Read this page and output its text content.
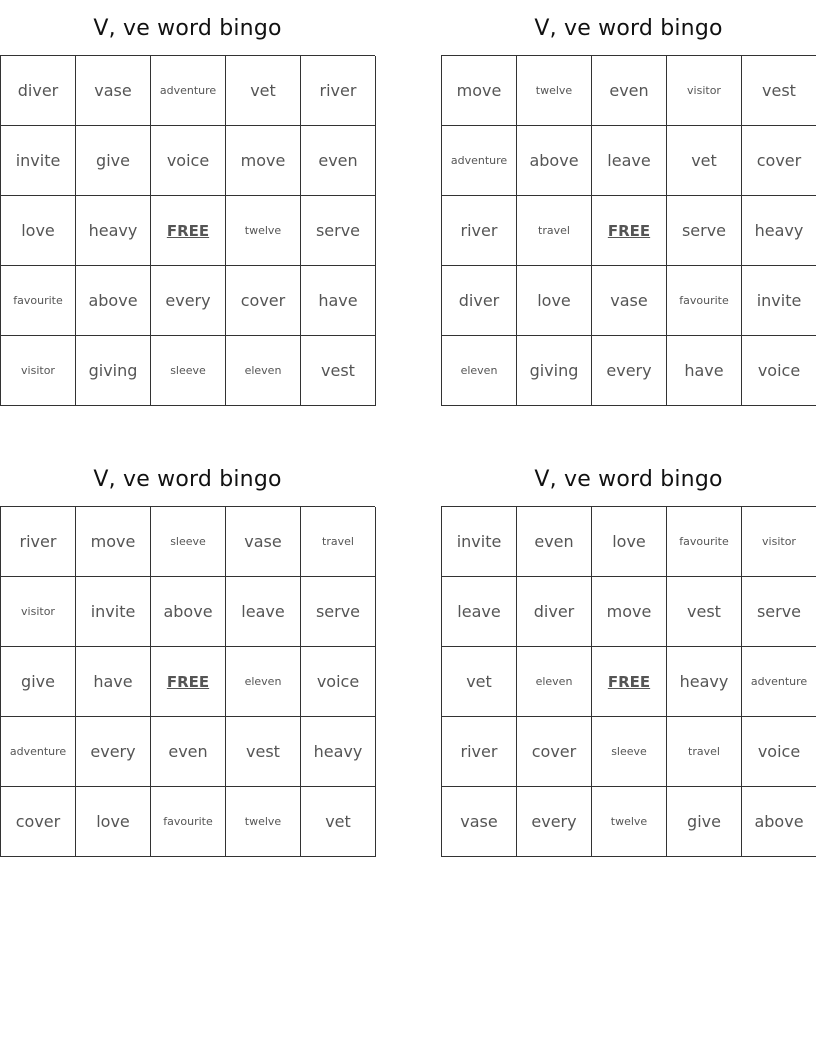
V, ve word bingo
diver	vase	adventure	vet	river
invite	give	voice	move	even
love	heavy	FREE	twelve	serve
favourite	above	every	cover	have
visitor	giving	sleeve	eleven	vest
V, ve word bingo
move	twelve	even	visitor	vest
adventure	above	leave	vet	cover
river	travel	FREE	serve	heavy
diver	love	vase	favourite	invite
eleven	giving	every	have	voice
V, ve word bingo
river	move	sleeve	vase	travel
visitor	invite	above	leave	serve
give	have	FREE	eleven	voice
adventure	every	even	vest	heavy
cover	love	favourite	twelve	vet
V, ve word bingo
invite	even	love	favourite	visitor
leave	diver	move	vest	serve
vet	eleven	FREE	heavy	adventure
river	cover	sleeve	travel	voice
vase	every	twelve	give	above
